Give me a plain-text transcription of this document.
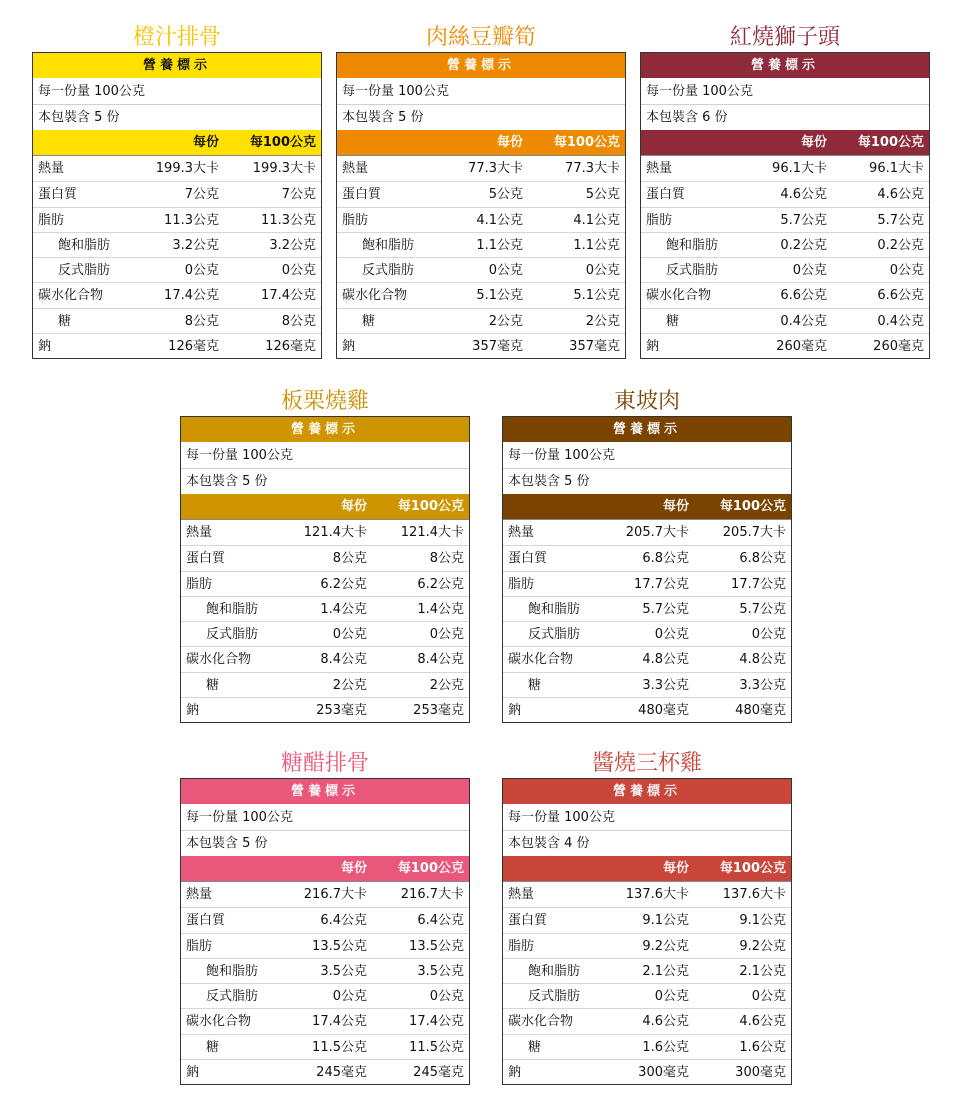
橙汁排骨
營養標示
每一份量 100公克
本包裝含 5 份
每份 每100公克
熱量	199.3大卡	199.3大卡
蛋白質	7公克	7公克
脂肪	11.3公克	11.3公克
飽和脂肪	3.2公克	3.2公克
反式脂肪	0公克	0公克
碳水化合物	17.4公克	17.4公克
糖	8公克	8公克
鈉	126毫克	126毫克
肉絲豆瓣筍
營養標示
每一份量 100公克
本包裝含 5 份
每份 每100公克
熱量	77.3大卡	77.3大卡
蛋白質	5公克	5公克
脂肪	4.1公克	4.1公克
飽和脂肪	1.1公克	1.1公克
反式脂肪	0公克	0公克
碳水化合物	5.1公克	5.1公克
糖	2公克	2公克
鈉	357毫克	357毫克
紅燒獅子頭
營養標示
每一份量 100公克
本包裝含 6 份
每份 每100公克
熱量	96.1大卡	96.1大卡
蛋白質	4.6公克	4.6公克
脂肪	5.7公克	5.7公克
飽和脂肪	0.2公克	0.2公克
反式脂肪	0公克	0公克
碳水化合物	6.6公克	6.6公克
糖	0.4公克	0.4公克
鈉	260毫克	260毫克
板栗燒雞
營養標示
每一份量 100公克
本包裝含 5 份
每份 每100公克
熱量	121.4大卡	121.4大卡
蛋白質	8公克	8公克
脂肪	6.2公克	6.2公克
飽和脂肪	1.4公克	1.4公克
反式脂肪	0公克	0公克
碳水化合物	8.4公克	8.4公克
糖	2公克	2公克
鈉	253毫克	253毫克
東坡肉
營養標示
每一份量 100公克
本包裝含 5 份
每份 每100公克
熱量	205.7大卡	205.7大卡
蛋白質	6.8公克	6.8公克
脂肪	17.7公克	17.7公克
飽和脂肪	5.7公克	5.7公克
反式脂肪	0公克	0公克
碳水化合物	4.8公克	4.8公克
糖	3.3公克	3.3公克
鈉	480毫克	480毫克
糖醋排骨
營養標示
每一份量 100公克
本包裝含 5 份
每份 每100公克
熱量	216.7大卡	216.7大卡
蛋白質	6.4公克	6.4公克
脂肪	13.5公克	13.5公克
飽和脂肪	3.5公克	3.5公克
反式脂肪	0公克	0公克
碳水化合物	17.4公克	17.4公克
糖	11.5公克	11.5公克
鈉	245毫克	245毫克
醬燒三杯雞
營養標示
每一份量 100公克
本包裝含 4 份
每份 每100公克
熱量	137.6大卡	137.6大卡
蛋白質	9.1公克	9.1公克
脂肪	9.2公克	9.2公克
飽和脂肪	2.1公克	2.1公克
反式脂肪	0公克	0公克
碳水化合物	4.6公克	4.6公克
糖	1.6公克	1.6公克
鈉	300毫克	300毫克
